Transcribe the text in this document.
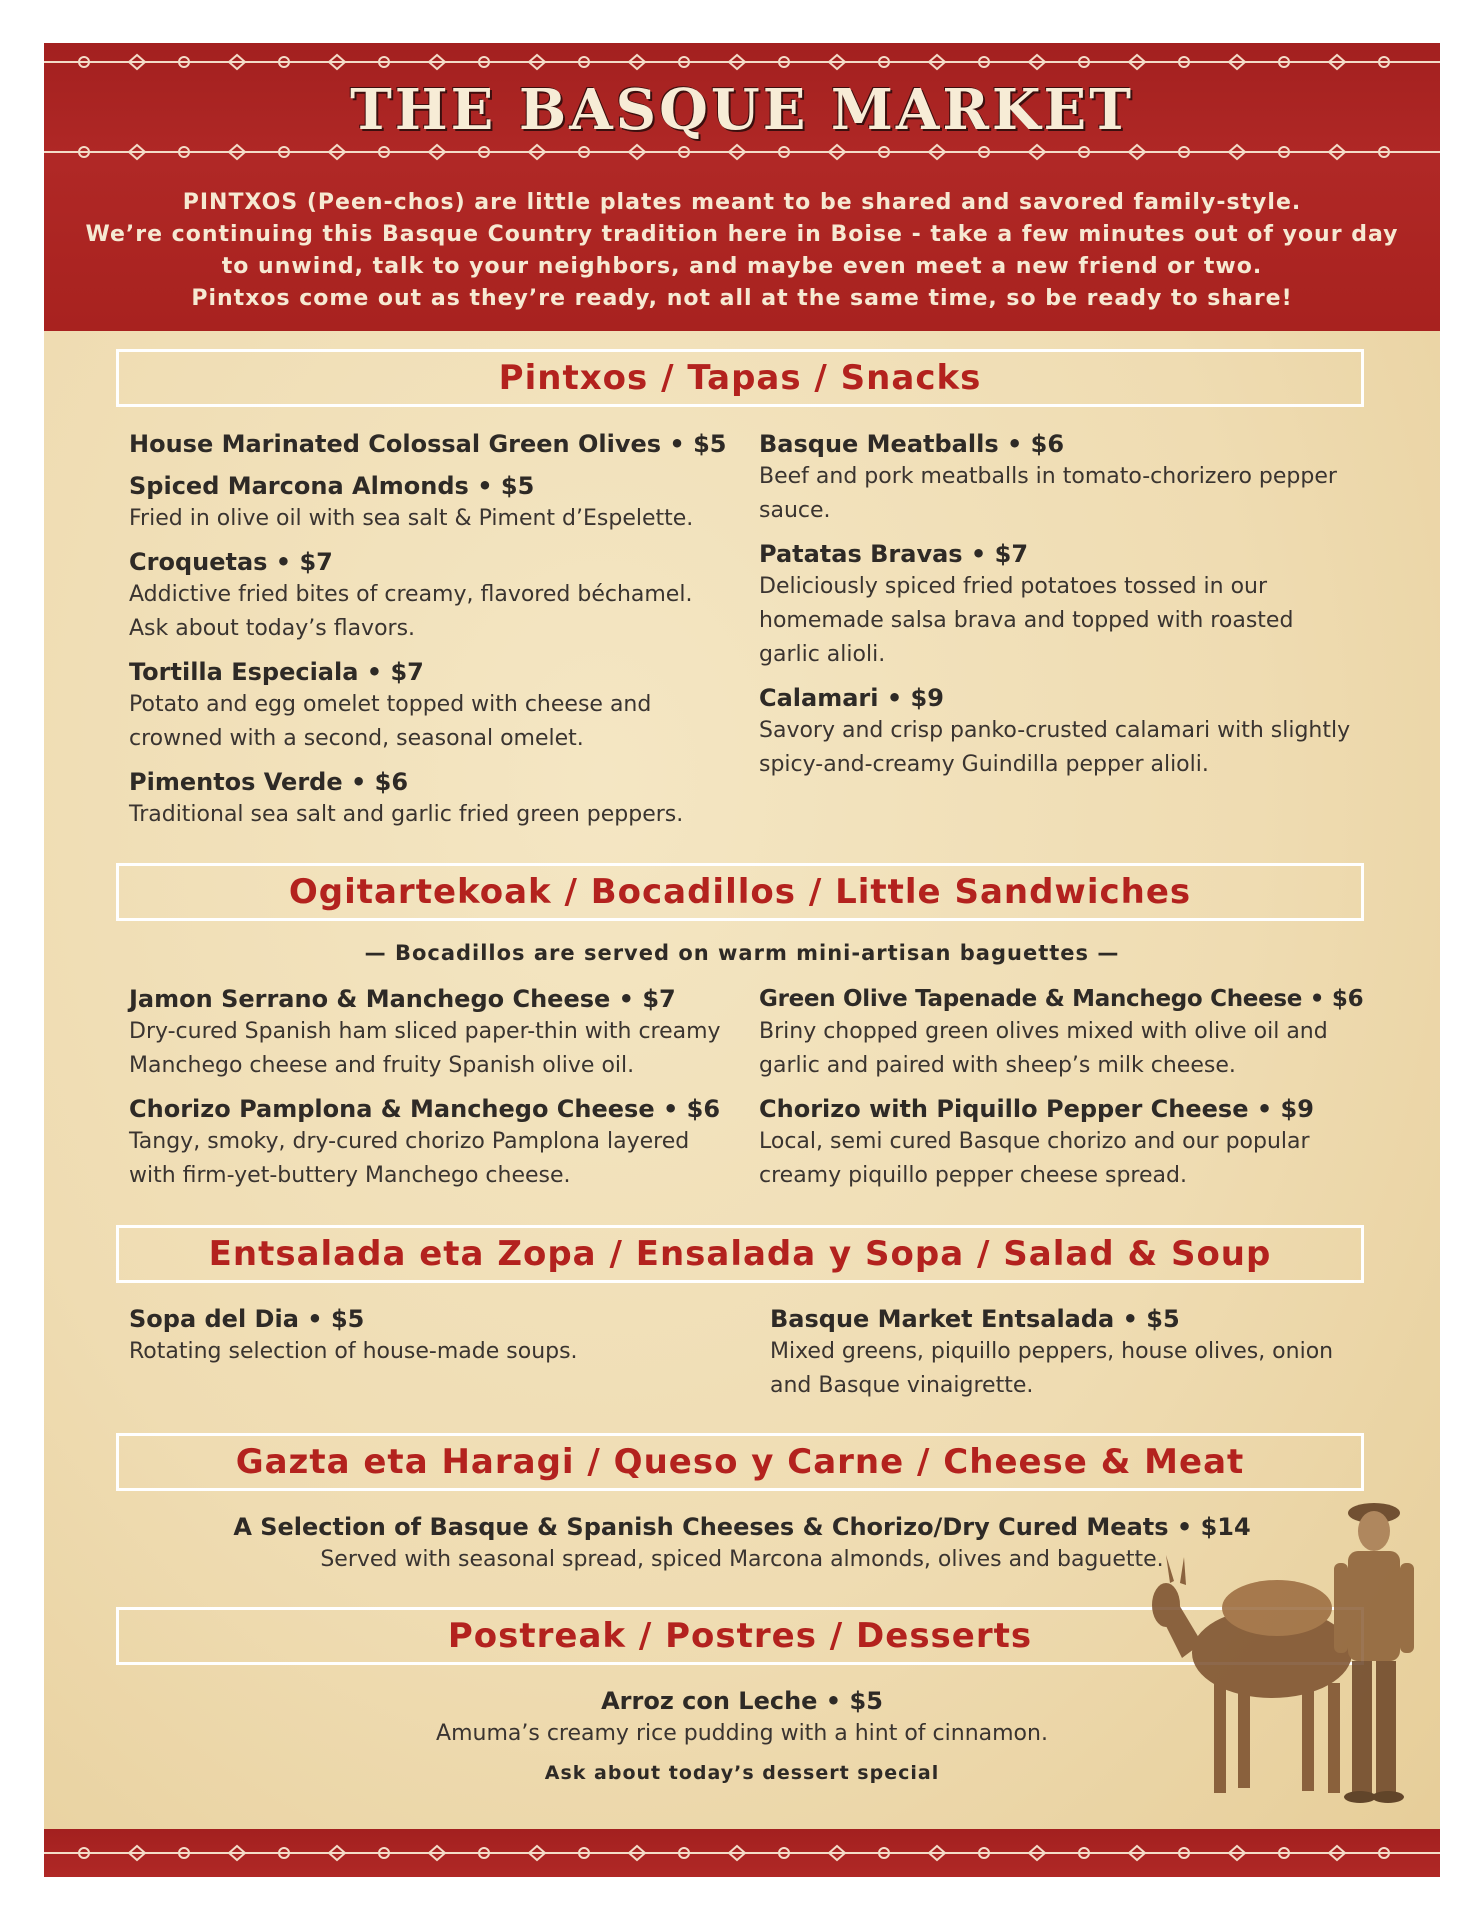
THE BASQUE MARKET
PINTXOS (Peen-chos) are little plates meant to be shared and savored family-style.
We’re continuing this Basque Country tradition here in Boise - take a few minutes out of your day
to unwind, talk to your neighbors, and maybe even meet a new friend or two.
Pintxos come out as they’re ready, not all at the same time, so be ready to share!
Pintxos / Tapas / Snacks
House Marinated Colossal Green Olives • $5
Spiced Marcona Almonds • $5
Fried in olive oil with sea salt & Piment d’Espelette.
Croquetas • $7
Addictive fried bites of creamy, flavored béchamel. Ask about today’s flavors.
Tortilla Especiala • $7
Potato and egg omelet topped with cheese and crowned with a second, seasonal omelet.
Pimentos Verde • $6
Traditional sea salt and garlic fried green peppers.
Basque Meatballs • $6
Beef and pork meatballs in tomato-chorizero pepper sauce.
Patatas Bravas • $7
Deliciously spiced fried potatoes tossed in our homemade salsa brava and topped with roasted garlic alioli.
Calamari • $9
Savory and crisp panko-crusted calamari with slightly spicy-and-creamy Guindilla pepper alioli.
Ogitartekoak / Bocadillos / Little Sandwiches
— Bocadillos are served on warm mini-artisan baguettes —
Jamon Serrano & Manchego Cheese • $7
Dry-cured Spanish ham sliced paper-thin with creamy Manchego cheese and fruity Spanish olive oil.
Chorizo Pamplona & Manchego Cheese • $6
Tangy, smoky, dry-cured chorizo Pamplona layered with firm-yet-buttery Manchego cheese.
Green Olive Tapenade & Manchego Cheese • $6
Briny chopped green olives mixed with olive oil and garlic and paired with sheep’s milk cheese.
Chorizo with Piquillo Pepper Cheese • $9
Local, semi cured Basque chorizo and our popular creamy piquillo pepper cheese spread.
Entsalada eta Zopa / Ensalada y Sopa / Salad & Soup
Sopa del Dia • $5
Rotating selection of house-made soups.
Basque Market Entsalada • $5
Mixed greens, piquillo peppers, house olives, onion and Basque vinaigrette.
Gazta eta Haragi / Queso y Carne / Cheese & Meat
A Selection of Basque & Spanish Cheeses & Chorizo/Dry Cured Meats • $14
Served with seasonal spread, spiced Marcona almonds, olives and baguette.
Postreak / Postres / Desserts
Arroz con Leche • $5
Amuma’s creamy rice pudding with a hint of cinnamon.
Ask about today’s dessert special
